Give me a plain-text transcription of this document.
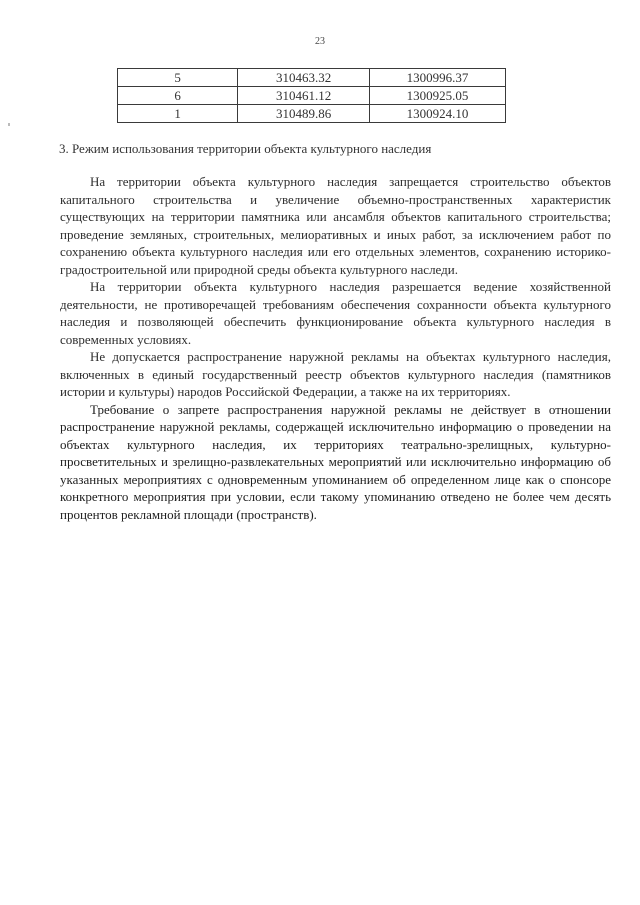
23
5	310463.32	1300996.37
6	310461.12	1300925.05
1	310489.86	1300924.10
3. Режим использования территории объекта культурного наследия

На территории объекта культурного наследия запрещается строительство объектов капитального строительства и увеличение объемно-пространственных характеристик существующих на территории памятника или ансамбля объектов капитального строительства; проведение земляных, строительных, мелиоративных и иных работ, за исключением работ по сохранению объекта культурного наследия или его отдельных элементов, сохранению историко-градостроительной или природной среды объекта культурного наследи.

На территории объекта культурного наследия разрешается ведение хозяйственной деятельности, не противоречащей требованиям обеспечения сохранности объекта культурного наследия и позволяющей обеспечить функционирование объекта культурного наследия в современных условиях.

Не допускается распространение наружной рекламы на объектах культурного наследия, включенных в единый государственный реестр объектов культурного наследия (памятников истории и культуры) народов Российской Федерации, а также на их территориях.

Требование о запрете распространения наружной рекламы не действует в отношении распространение наружной рекламы, содержащей исключительно информацию о проведении на объектах культурного наследия, их территориях театрально-зрелищных, культурно-просветительных и зрелищно-развлекательных мероприятий или исключительно информацию об указанных мероприятиях с одновременным упоминанием об определенном лице как о спонсоре конкретного мероприятия при условии, если такому упоминанию отведено не более чем десять процентов рекламной площади (пространств).
